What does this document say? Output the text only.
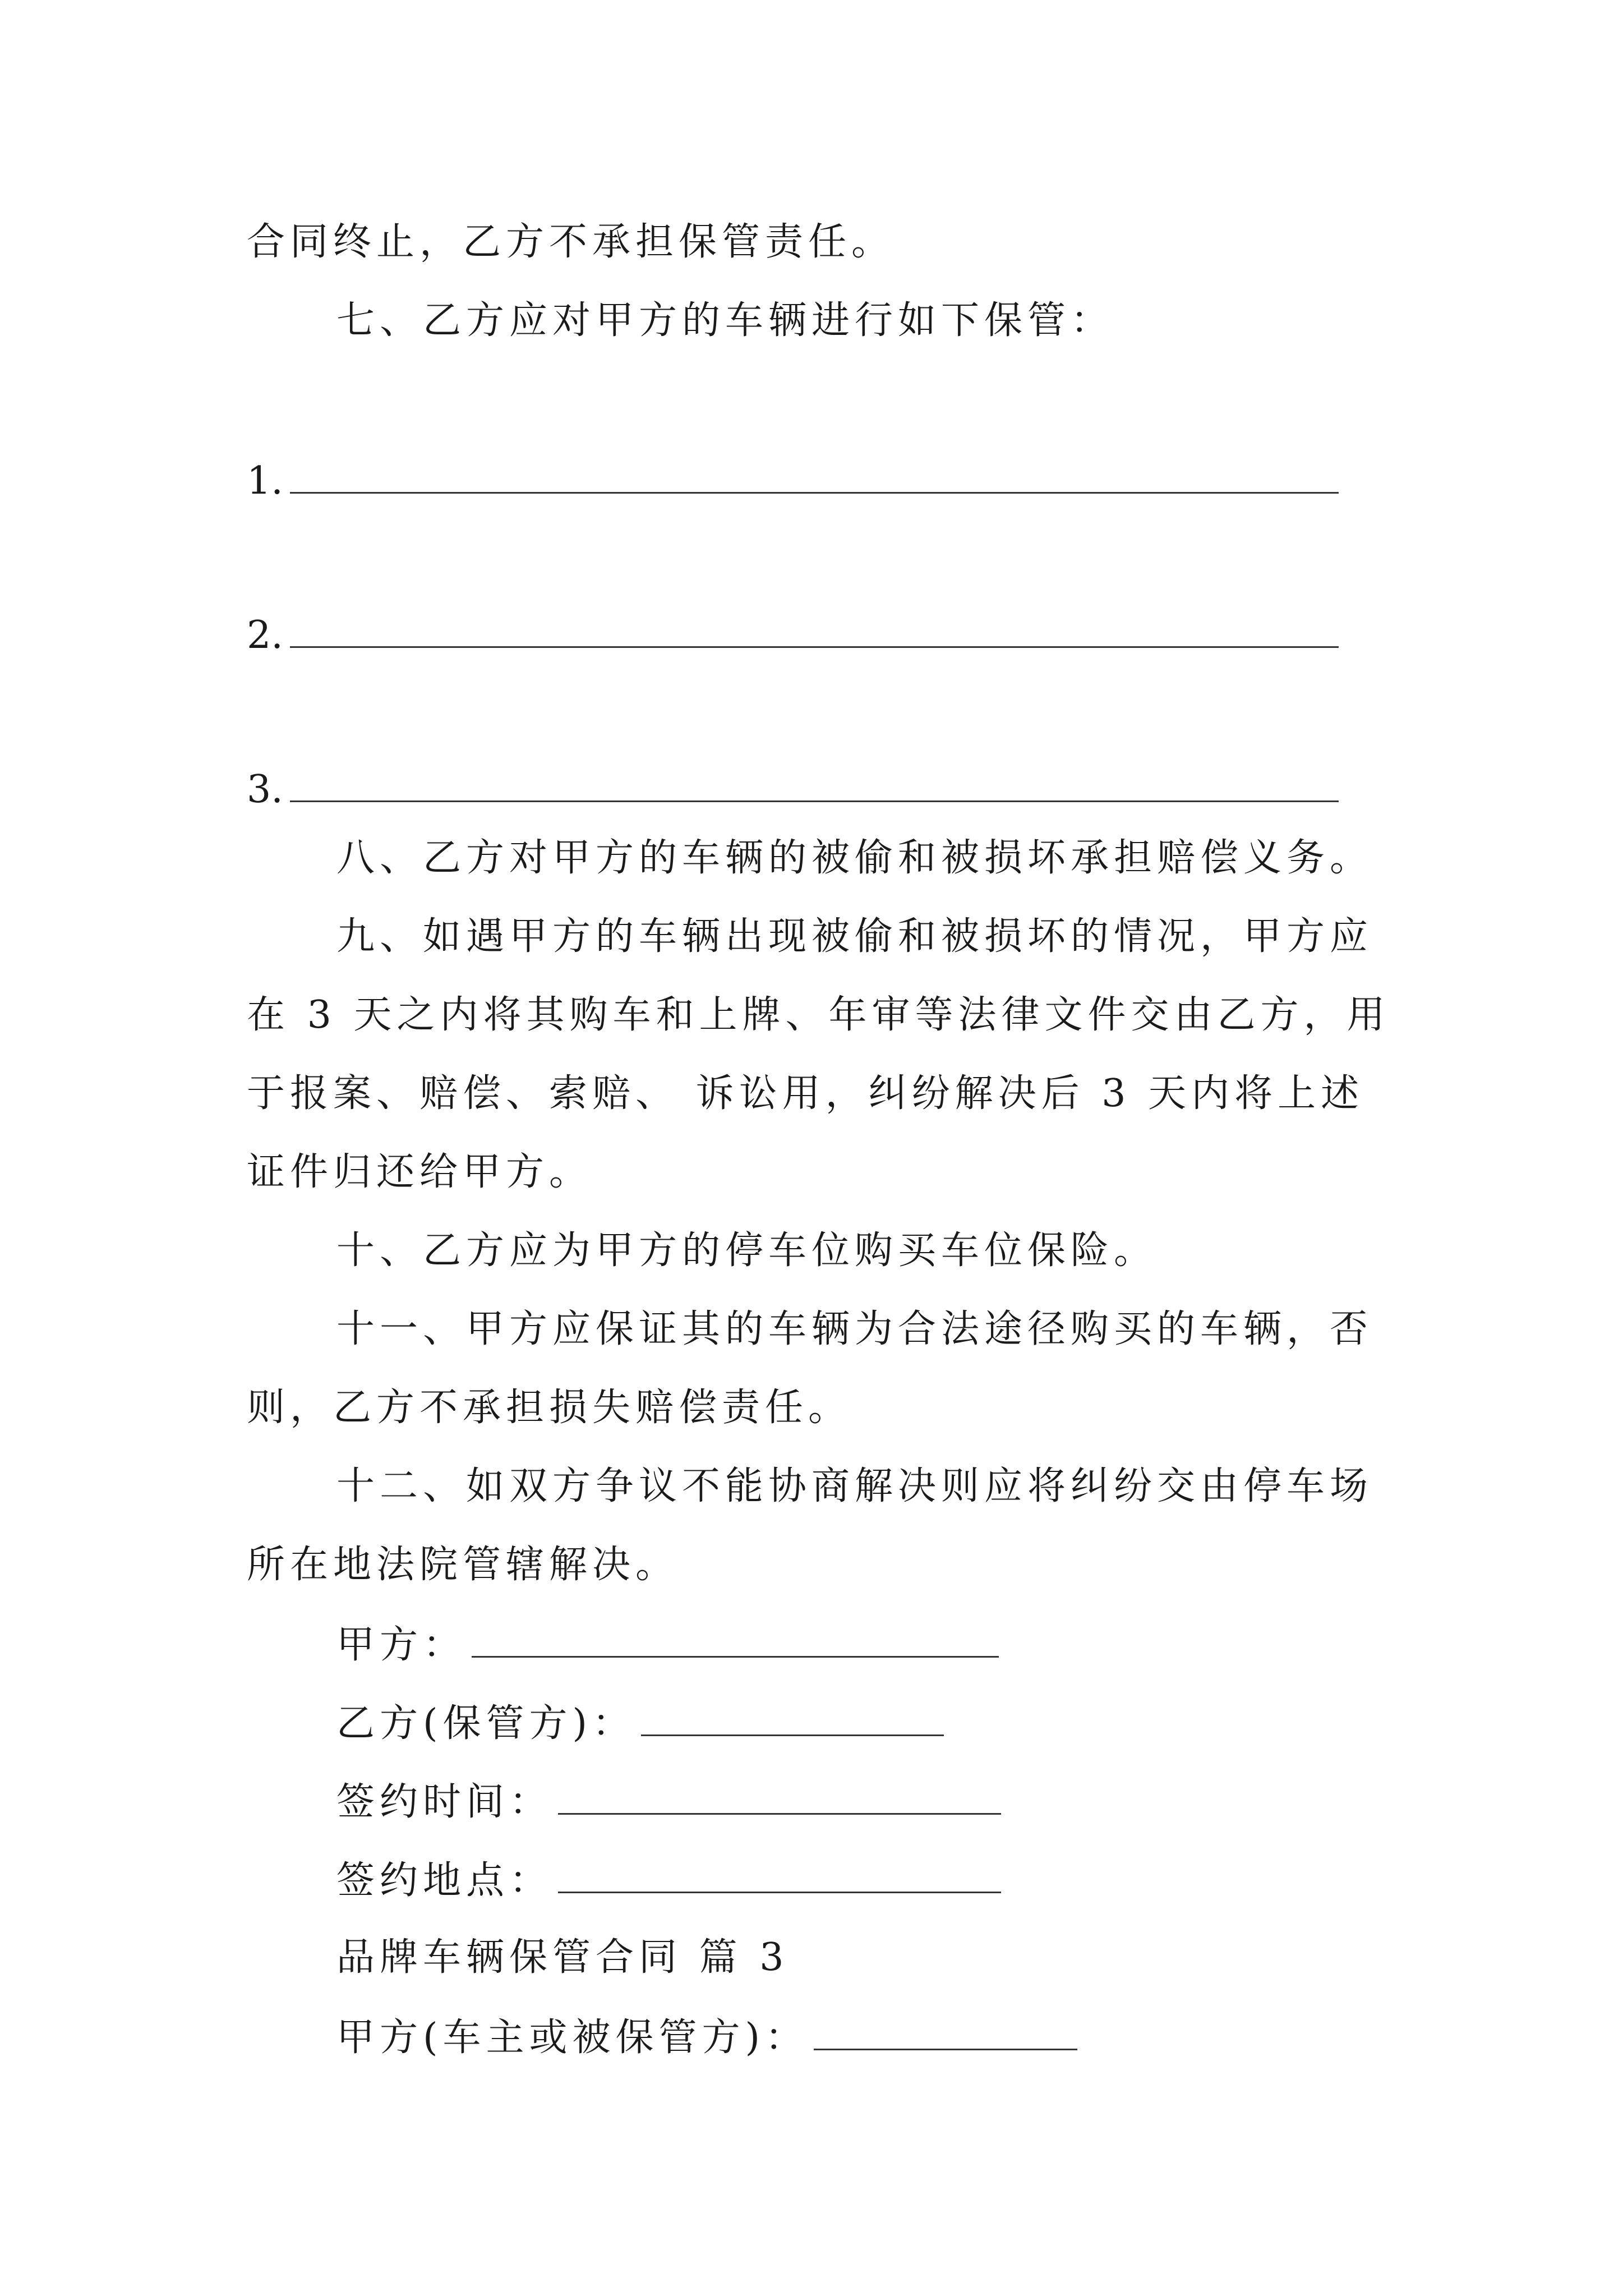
合同终止，乙方不承担保管责任。
七、乙方应对甲方的车辆进行如下保管：
1.
2.
3.
八、乙方对甲方的车辆的被偷和被损坏承担赔偿义务。
九、如遇甲方的车辆出现被偷和被损坏的情况，甲方应
在 3 天之内将其购车和上牌、年审等法律文件交由乙方，用
于报案、赔偿、索赔、 诉讼用，纠纷解决后 3 天内将上述
证件归还给甲方。
十、乙方应为甲方的停车位购买车位保险。
十一、甲方应保证其的车辆为合法途径购买的车辆，否
则，乙方不承担损失赔偿责任。
十二、如双方争议不能协商解决则应将纠纷交由停车场
所在地法院管辖解决。
甲方：
乙方(保管方)：
签约时间：
签约地点：
品牌车辆保管合同 篇 3
甲方(车主或被保管方)：
